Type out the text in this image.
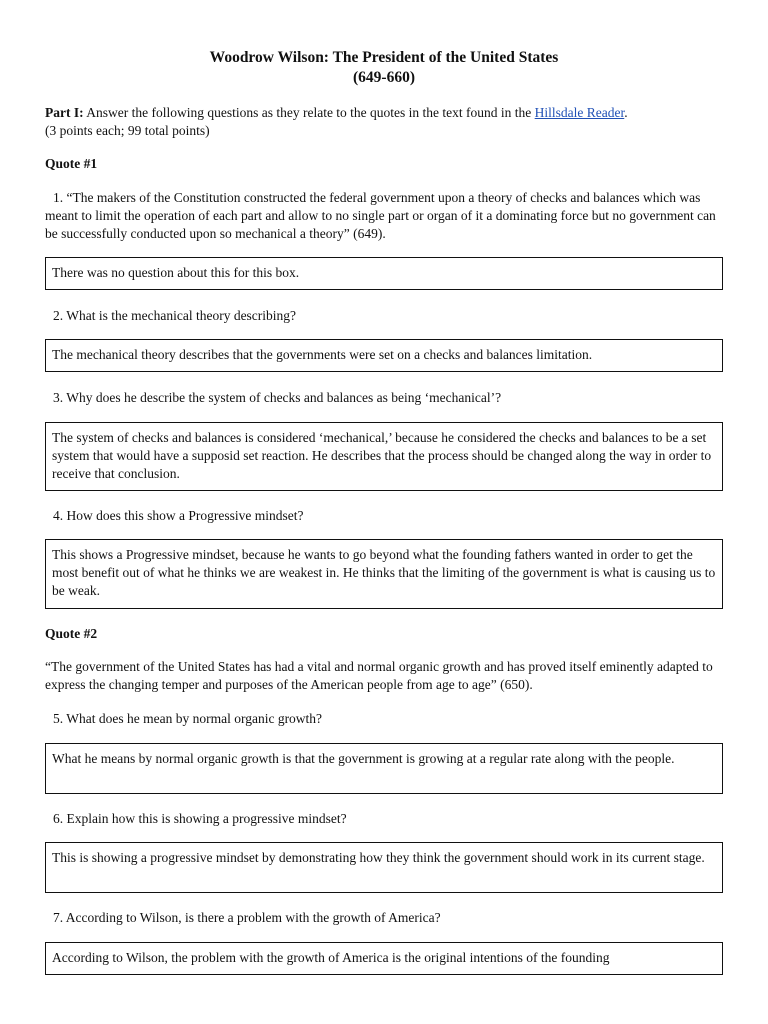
Woodrow Wilson: The President of the United States
(649-660)
Part I: Answer the following questions as they relate to the quotes in the text found in the Hillsdale Reader.
(3 points each; 99 total points)
Quote #1
1. “The makers of the Constitution constructed the federal government upon a theory of checks and balances which was meant to limit the operation of each part and allow to no single part or organ of it a dominating force but no government can be successfully conducted upon so mechanical a theory” (649).
There was no question about this for this box.
2. What is the mechanical theory describing?
The mechanical theory describes that the governments were set on a checks and balances limitation.
3. Why does he describe the system of checks and balances as being ‘mechanical’?
The system of checks and balances is considered ‘mechanical,’ because he considered the checks and balances to be a set system that would have a supposid set reaction. He describes that the process should be changed along the way in order to receive that conclusion.
4. How does this show a Progressive mindset?
This shows a Progressive mindset, because he wants to go beyond what the founding fathers wanted in order to get the most benefit out of what he thinks we are weakest in. He thinks that the limiting of the government is what is causing us to be weak.
Quote #2
“The government of the United States has had a vital and normal organic growth and has proved itself eminently adapted to express the changing temper and purposes of the American people from age to age” (650).
5. What does he mean by normal organic growth?
What he means by normal organic growth is that the government is growing at a regular rate along with the people.
6. Explain how this is showing a progressive mindset?
This is showing a progressive mindset by demonstrating how they think the government should work in its current stage.
7. According to Wilson, is there a problem with the growth of America?
According to Wilson, the problem with the growth of America is the original intentions of the founding
